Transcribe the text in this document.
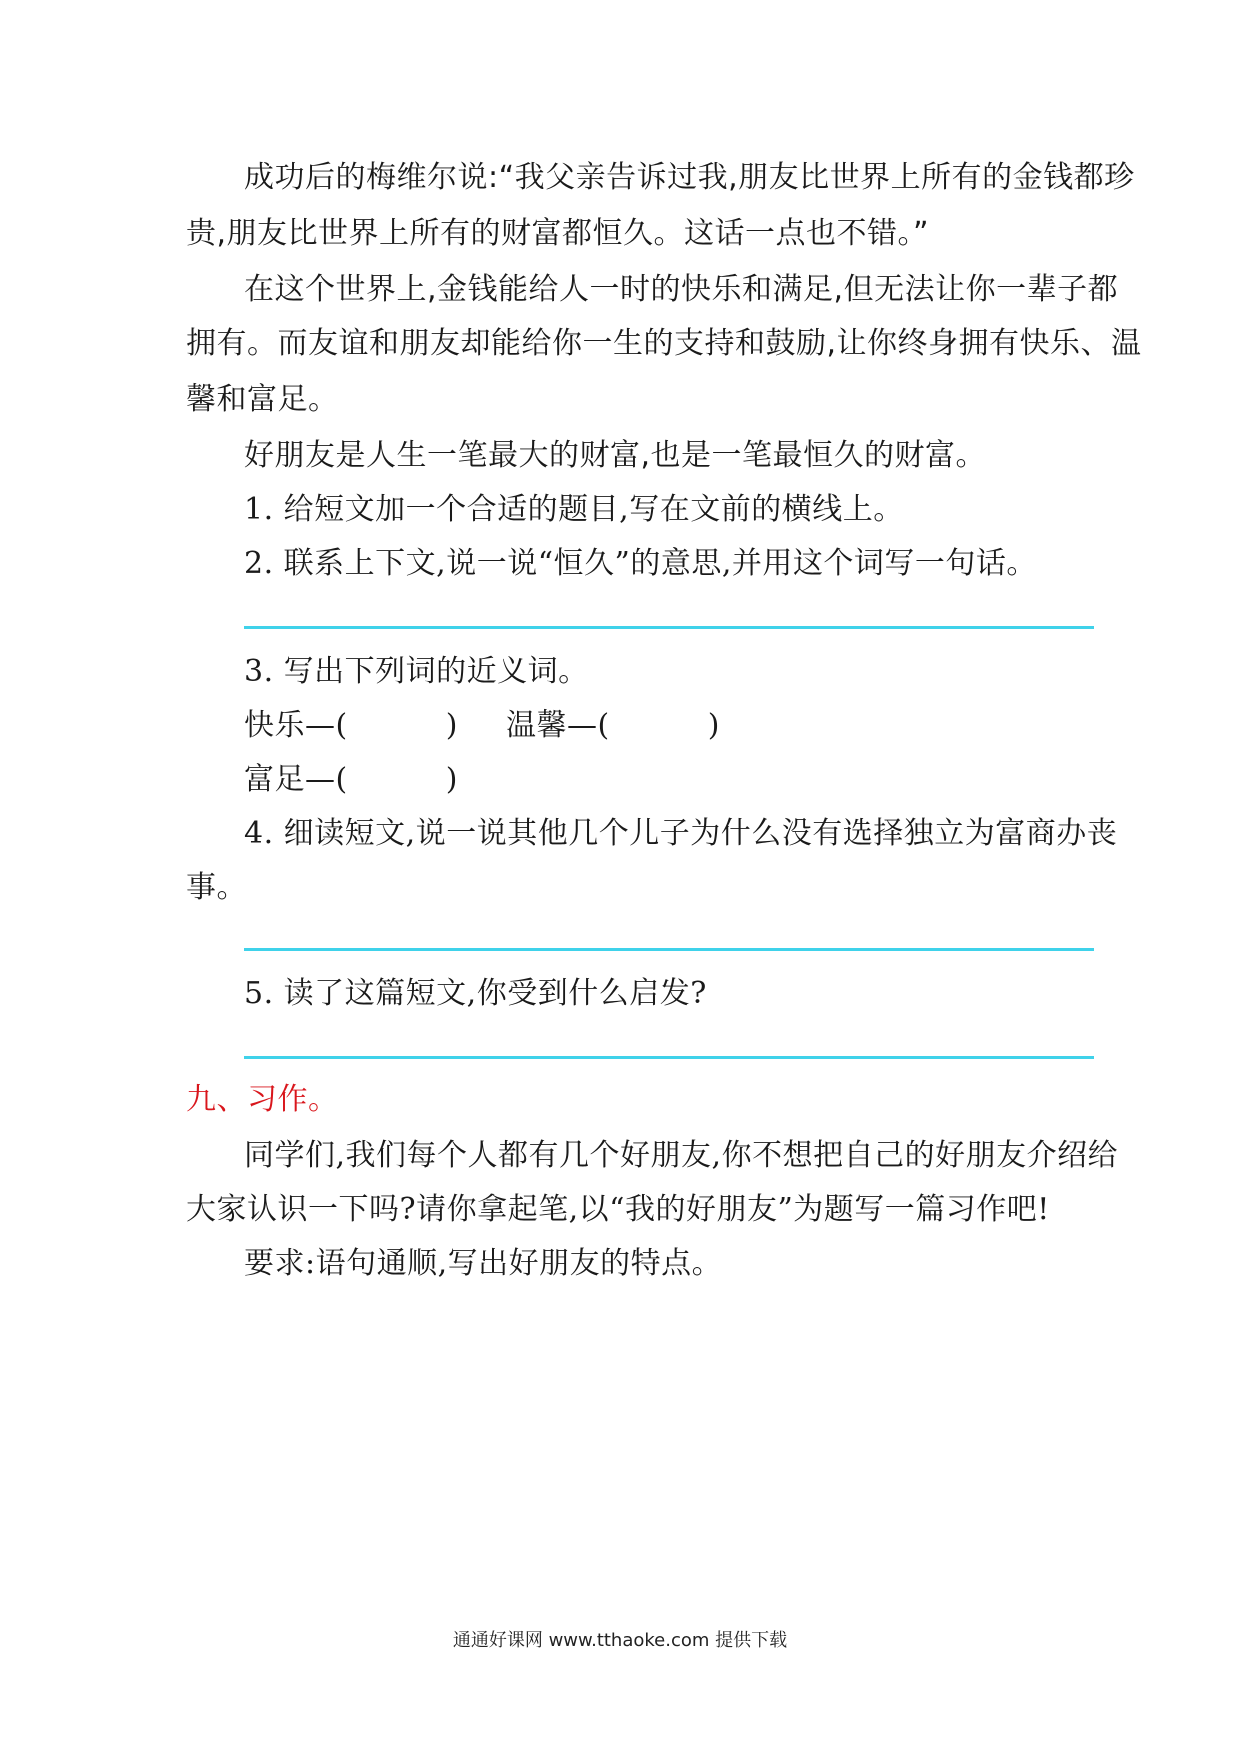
成功后的梅维尔说:“我父亲告诉过我,朋友比世界上所有的金钱都珍
贵,朋友比世界上所有的财富都恒久。这话一点也不错。”
在这个世界上,金钱能给人一时的快乐和满足,但无法让你一辈子都
拥有。而友谊和朋友却能给你一生的支持和鼓励,让你终身拥有快乐、温
馨和富足。
好朋友是人生一笔最大的财富,也是一笔最恒久的财富。
1. 给短文加一个合适的题目,写在文前的横线上。
2. 联系上下文,说一说“恒久”的意思,并用这个词写一句话。
3. 写出下列词的近义词。
快乐—(	) 温馨—(	)
富足—(	)
4. 细读短文,说一说其他几个儿子为什么没有选择独立为富商办丧
事。
5. 读了这篇短文,你受到什么启发?
九、习作。
同学们,我们每个人都有几个好朋友,你不想把自己的好朋友介绍给
大家认识一下吗?请你拿起笔,以“我的好朋友”为题写一篇习作吧!
要求:语句通顺,写出好朋友的特点。
通通好课网 www.tthaoke.com 提供下载
